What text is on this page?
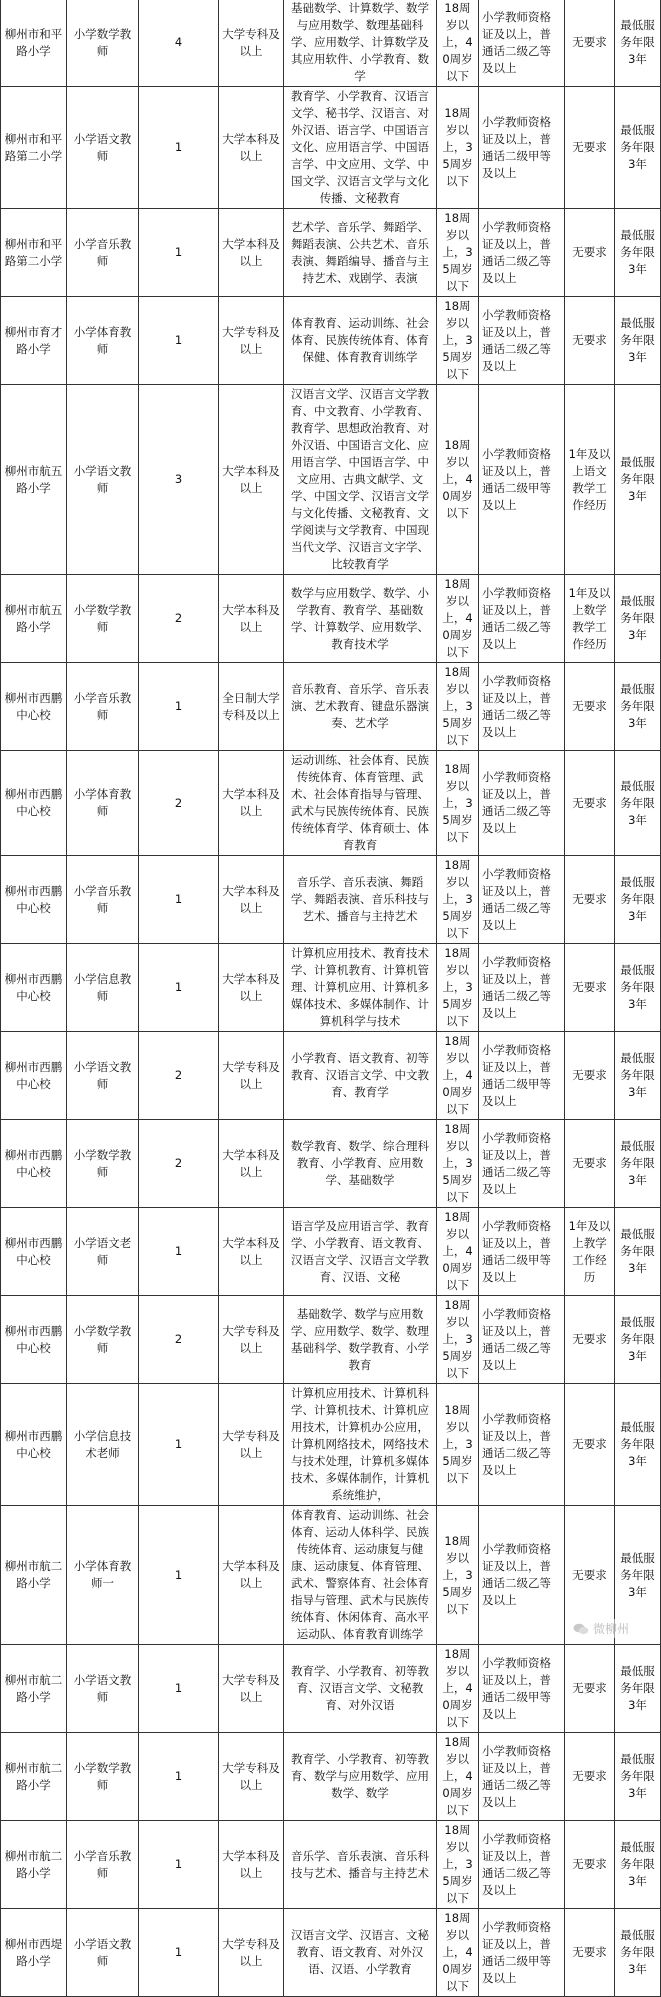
柳州市和平路小学	小学数学教师	4	大学专科及以上	基础数学、计算数学、数学与应用数学、数理基础科学、应用数学、计算数学及其应用软件、小学教育、数学	18周岁以上，40周岁以下	小学教师资格证及以上，普通话二级乙等及以上	无要求	最低服务年限3年
柳州市和平路第二小学	小学语文教师	1	大学本科及以上	教育学、小学教育、汉语言文学、秘书学、汉语言、对外汉语、语言学、中国语言文化、应用语言学、中国语言学、中文应用、文学、中国文学、汉语言文学与文化传播、文秘教育	18周岁以上，35周岁以下	小学教师资格证及以上，普通话二级甲等及以上	无要求	最低服务年限3年
柳州市和平路第二小学	小学音乐教师	1	大学本科及以上	艺术学、音乐学、舞蹈学、舞蹈表演、公共艺术、音乐表演、舞蹈编导、播音与主持艺术、戏剧学、表演	18周岁以上，35周岁以下	小学教师资格证及以上，普通话二级乙等及以上	无要求	最低服务年限3年
柳州市育才路小学	小学体育教师	1	大学专科及以上	体育教育、运动训练、社会体育、民族传统体育、体育保健、体育教育训练学	18周岁以上，35周岁以下	小学教师资格证及以上，普通话二级乙等及以上	无要求	最低服务年限3年
柳州市航五路小学	小学语文教师	3	大学本科及以上	汉语言文学、汉语言文学教育、中文教育、小学教育、教育学、思想政治教育、对外汉语、中国语言文化、应用语言学、中国语言学、中文应用、古典文献学、文学、中国文学、汉语言文学与文化传播、文秘教育、文学阅读与文学教育、中国现当代文学、汉语言文字学、比较教育学	18周岁以上，40周岁以下	小学教师资格证及以上，普通话二级甲等及以上	1年及以上语文教学工作经历	最低服务年限3年
柳州市航五路小学	小学数学教师	2	大学本科及以上	数学与应用数学、数学、小学教育、教育学、基础数学、计算数学、应用数学、教育技术学	18周岁以上，40周岁以下	小学教师资格证及以上，普通话二级乙等及以上	1年及以上数学教学工作经历	最低服务年限3年
柳州市西鹏中心校	小学音乐教师	1	全日制大学专科及以上	音乐教育、音乐学、音乐表演、艺术教育、键盘乐器演奏、艺术学	18周岁以上，35周岁以下	小学教师资格证及以上，普通话二级乙等及以上	无要求	最低服务年限3年
柳州市西鹏中心校	小学体育教师	2	大学本科及以上	运动训练、社会体育、民族传统体育、体育管理、武术、社会体育指导与管理、武术与民族传统体育、民族传统体育学、体育硕士、体育教育	18周岁以上，35周岁以下	小学教师资格证及以上，普通话二级乙等及以上	无要求	最低服务年限3年
柳州市西鹏中心校	小学音乐教师	1	大学本科及以上	音乐学、音乐表演、舞蹈学、舞蹈表演、音乐科技与艺术、播音与主持艺术	18周岁以上，35周岁以下	小学教师资格证及以上，普通话二级乙等及以上	无要求	最低服务年限3年
柳州市西鹏中心校	小学信息教师	1	大学本科及以上	计算机应用技术、教育技术学、计算机教育、计算机管理、计算机应用、计算机多媒体技术、多媒体制作、计算机科学与技术	18周岁以上，35周岁以下	小学教师资格证及以上，普通话二级乙等及以上	无要求	最低服务年限3年
柳州市西鹏中心校	小学语文教师	2	大学专科及以上	小学教育、语文教育、初等教育、汉语言文学、中文教育、教育学	18周岁以上，40周岁以下	小学教师资格证及以上，普通话二级甲等及以上	无要求	最低服务年限3年
柳州市西鹏中心校	小学数学教师	2	大学本科及以上	数学教育、数学、综合理科教育、小学教育、应用数学、基础数学	18周岁以上，35周岁以下	小学教师资格证及以上，普通话二级乙等及以上	无要求	最低服务年限3年
柳州市西鹏中心校	小学语文老师	1	大学本科及以上	语言学及应用语言学、教育学、小学教育、语文教育、汉语言文学、汉语言文学教育、汉语、文秘	18周岁以上，40周岁以下	小学教师资格证及以上，普通话二级甲等及以上	1年及以上教学工作经历	最低服务年限3年
柳州市西鹏中心校	小学数学教师	2	大学专科及以上	基础数学、数学与应用数学、应用数学、数学、数理基础科学、数学教育、小学教育	18周岁以上，35周岁以下	小学教师资格证及以上，普通话二级乙等及以上	无要求	最低服务年限3年
柳州市西鹏中心校	小学信息技术老师	1	大学专科及以上	计算机应用技术、计算机科学、计算机技术、计算机应用技术，计算机办公应用，计算机网络技术，网络技术与技术处理，计算机多媒体技术、多媒体制作，计算机系统维护，	18周岁以上，35周岁以下	小学教师资格证及以上，普通话二级乙等及以上	无要求	最低服务年限3年
柳州市航二路小学	小学体育教师一	1	大学本科及以上	体育教育、运动训练、社会体育、运动人体科学、民族传统体育、运动康复与健康、运动康复、体育管理、武术、警察体育、社会体育指导与管理、武术与民族传统体育、休闲体育、高水平运动队、体育教育训练学	18周岁以上，35周岁以下	小学教师资格证及以上，普通话二级乙等及以上	无要求	最低服务年限3年
柳州市航二路小学	小学语文教师	1	大学专科及以上	教育学、小学教育、初等教育、汉语言文学、文秘教育、对外汉语	18周岁以上，40周岁以下	小学教师资格证及以上，普通话二级甲等及以上	无要求	最低服务年限3年
柳州市航二路小学	小学数学教师	1	大学专科及以上	教育学、小学教育、初等教育、数学与应用数学、应用数学、数学	18周岁以上，40周岁以下	小学教师资格证及以上，普通话二级乙等及以上	无要求	最低服务年限3年
柳州市航二路小学	小学音乐教师	1	大学本科及以上	音乐学、音乐表演、音乐科技与艺术、播音与主持艺术	18周岁以上，35周岁以下	小学教师资格证及以上，普通话二级乙等及以上	无要求	最低服务年限3年
柳州市西堤路小学	小学语文教师	1	大学专科及以上	汉语言文学、汉语言、文秘教育、语文教育、对外汉语、汉语、小学教育	18周岁以上，40周岁以下	小学教师资格证及以上，普通话二级甲等及以上	无要求	最低服务年限3年
微柳州
